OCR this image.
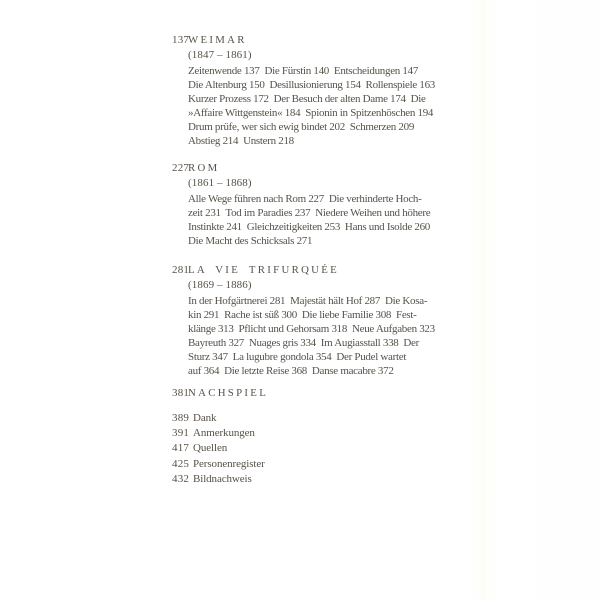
137
WEIMAR
(1847 – 1861)
Zeitenwende 137  Die Fürstin 140  Entscheidungen 147
Die Altenburg 150  Desillusionierung 154  Rollenspiele 163
Kurzer Prozess 172  Der Besuch der alten Dame 174  Die
»Affaire Wittgenstein« 184  Spionin in Spitzenhöschen 194
Drum prüfe, wer sich ewig bindet 202  Schmerzen 209
Abstieg 214  Unstern 218
227
ROM
(1861 – 1868)
Alle Wege führen nach Rom 227  Die verhinderte Hoch-
zeit 231  Tod im Paradies 237  Niedere Weihen und höhere
Instinkte 241  Gleichzeitigkeiten 253  Hans und Isolde 260
Die Macht des Schicksals 271
281
LA VIE TRIFURQUÉE
(1869 – 1886)
In der Hofgärtnerei 281  Majestät hält Hof 287  Die Kosa-
kin 291  Rache ist süß 300  Die liebe Familie 308  Fest-
klänge 313  Pflicht und Gehorsam 318  Neue Aufgaben 323
Bayreuth 327  Nuages gris 334  Im Augiasstall 338  Der
Sturz 347  La lugubre gondola 354  Der Pudel wartet
auf 364  Die letzte Reise 368  Danse macabre 372
381
NACHSPIEL
389 Dank
391 Anmerkungen
417 Quellen
425 Personenregister
432 Bildnachweis
